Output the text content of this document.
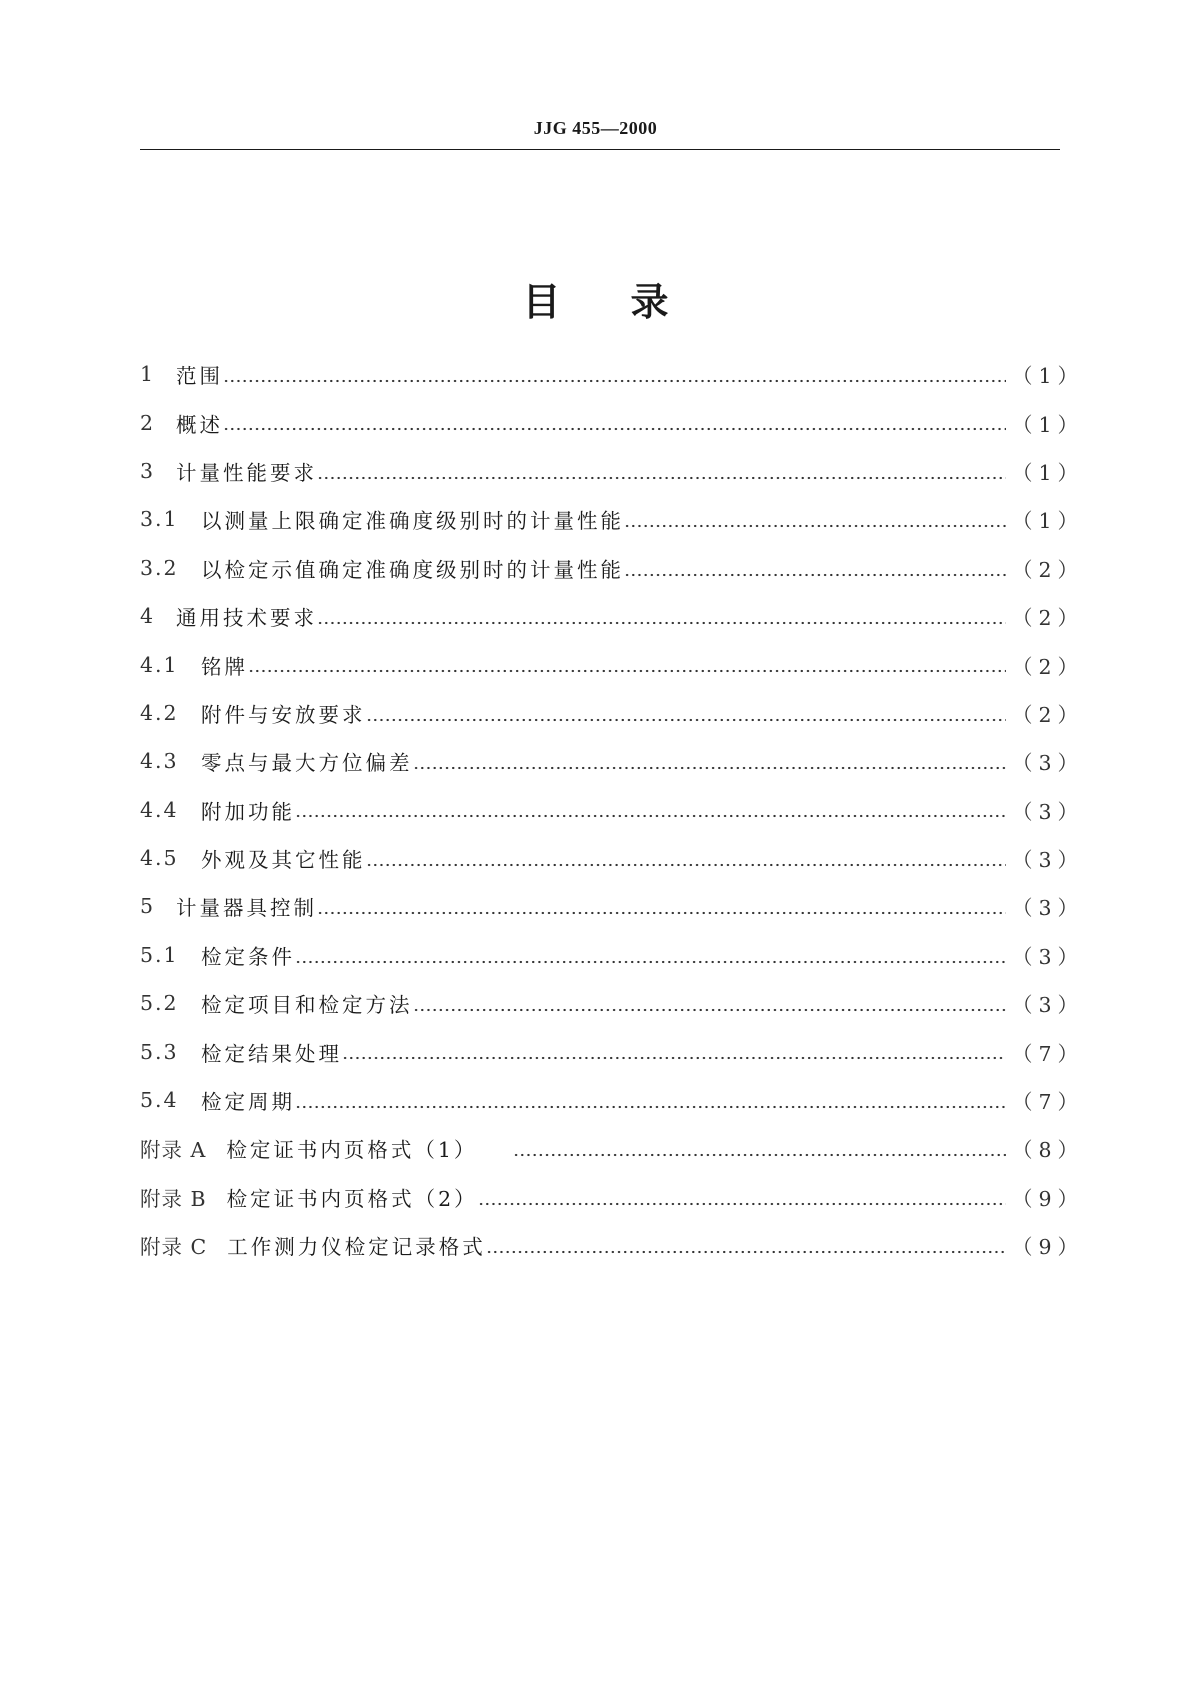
JJG 455—2000
目 录
1	范围	（1）
2	概述	（1）
3	计量性能要求	（1）
3.1	以测量上限确定准确度级别时的计量性能	（1）
3.2	以检定示值确定准确度级别时的计量性能	（2）
4	通用技术要求	（2）
4.1	铭牌	（2）
4.2	附件与安放要求	（2）
4.3	零点与最大方位偏差	（3）
4.4	附加功能	（3）
4.5	外观及其它性能	（3）
5	计量器具控制	（3）
5.1	检定条件	（3）
5.2	检定项目和检定方法	（3）
5.3	检定结果处理	（7）
5.4	检定周期	（7）
附录 A 检定证书内页格式（1）	（8）
附录 B 检定证书内页格式（2）	（9）
附录 C 工作测力仪检定记录格式	（9）
